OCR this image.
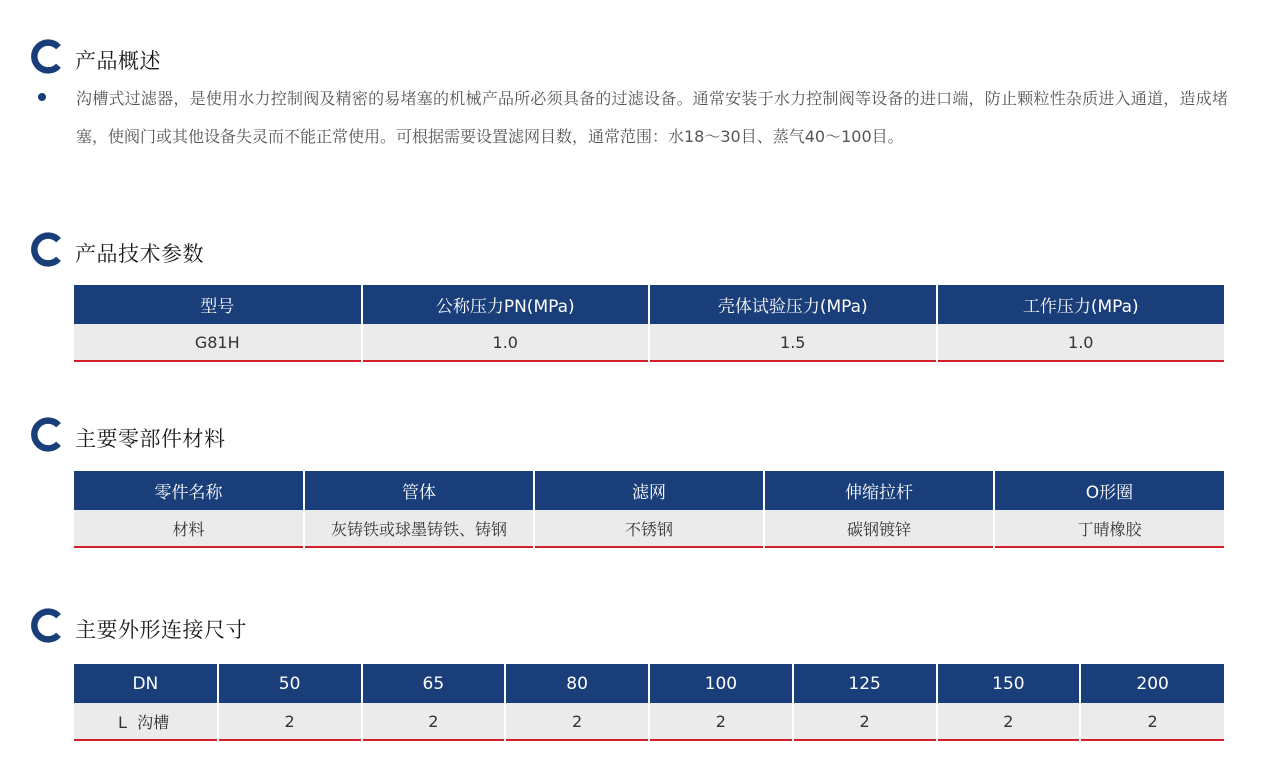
产品概述

沟槽式过滤器，是使用水力控制阀及精密的易堵塞的机械产品所必须具备的过滤设备。通常安装于水力控制阀等设备的进口端，防止颗粒性杂质进入通道，造成堵塞，使阀门或其他设备失灵而不能正常使用。可根据需要设置滤网目数，通常范围：水18～30目、蒸气40～100目。

产品技术参数
型号	公称压力PN(MPa)	壳体试验压力(MPa)	工作压力(MPa)
G81H	1.0	1.5	1.0
主要零部件材料
零件名称	管体	滤网	伸缩拉杆	O形圈
材料	灰铸铁或球墨铸铁、铸钢	不锈钢	碳钢镀锌	丁晴橡胶
主要外形连接尺寸
DN	50	65	80	100	125	150	200
L  沟槽	2	2	2	2	2	2	2
